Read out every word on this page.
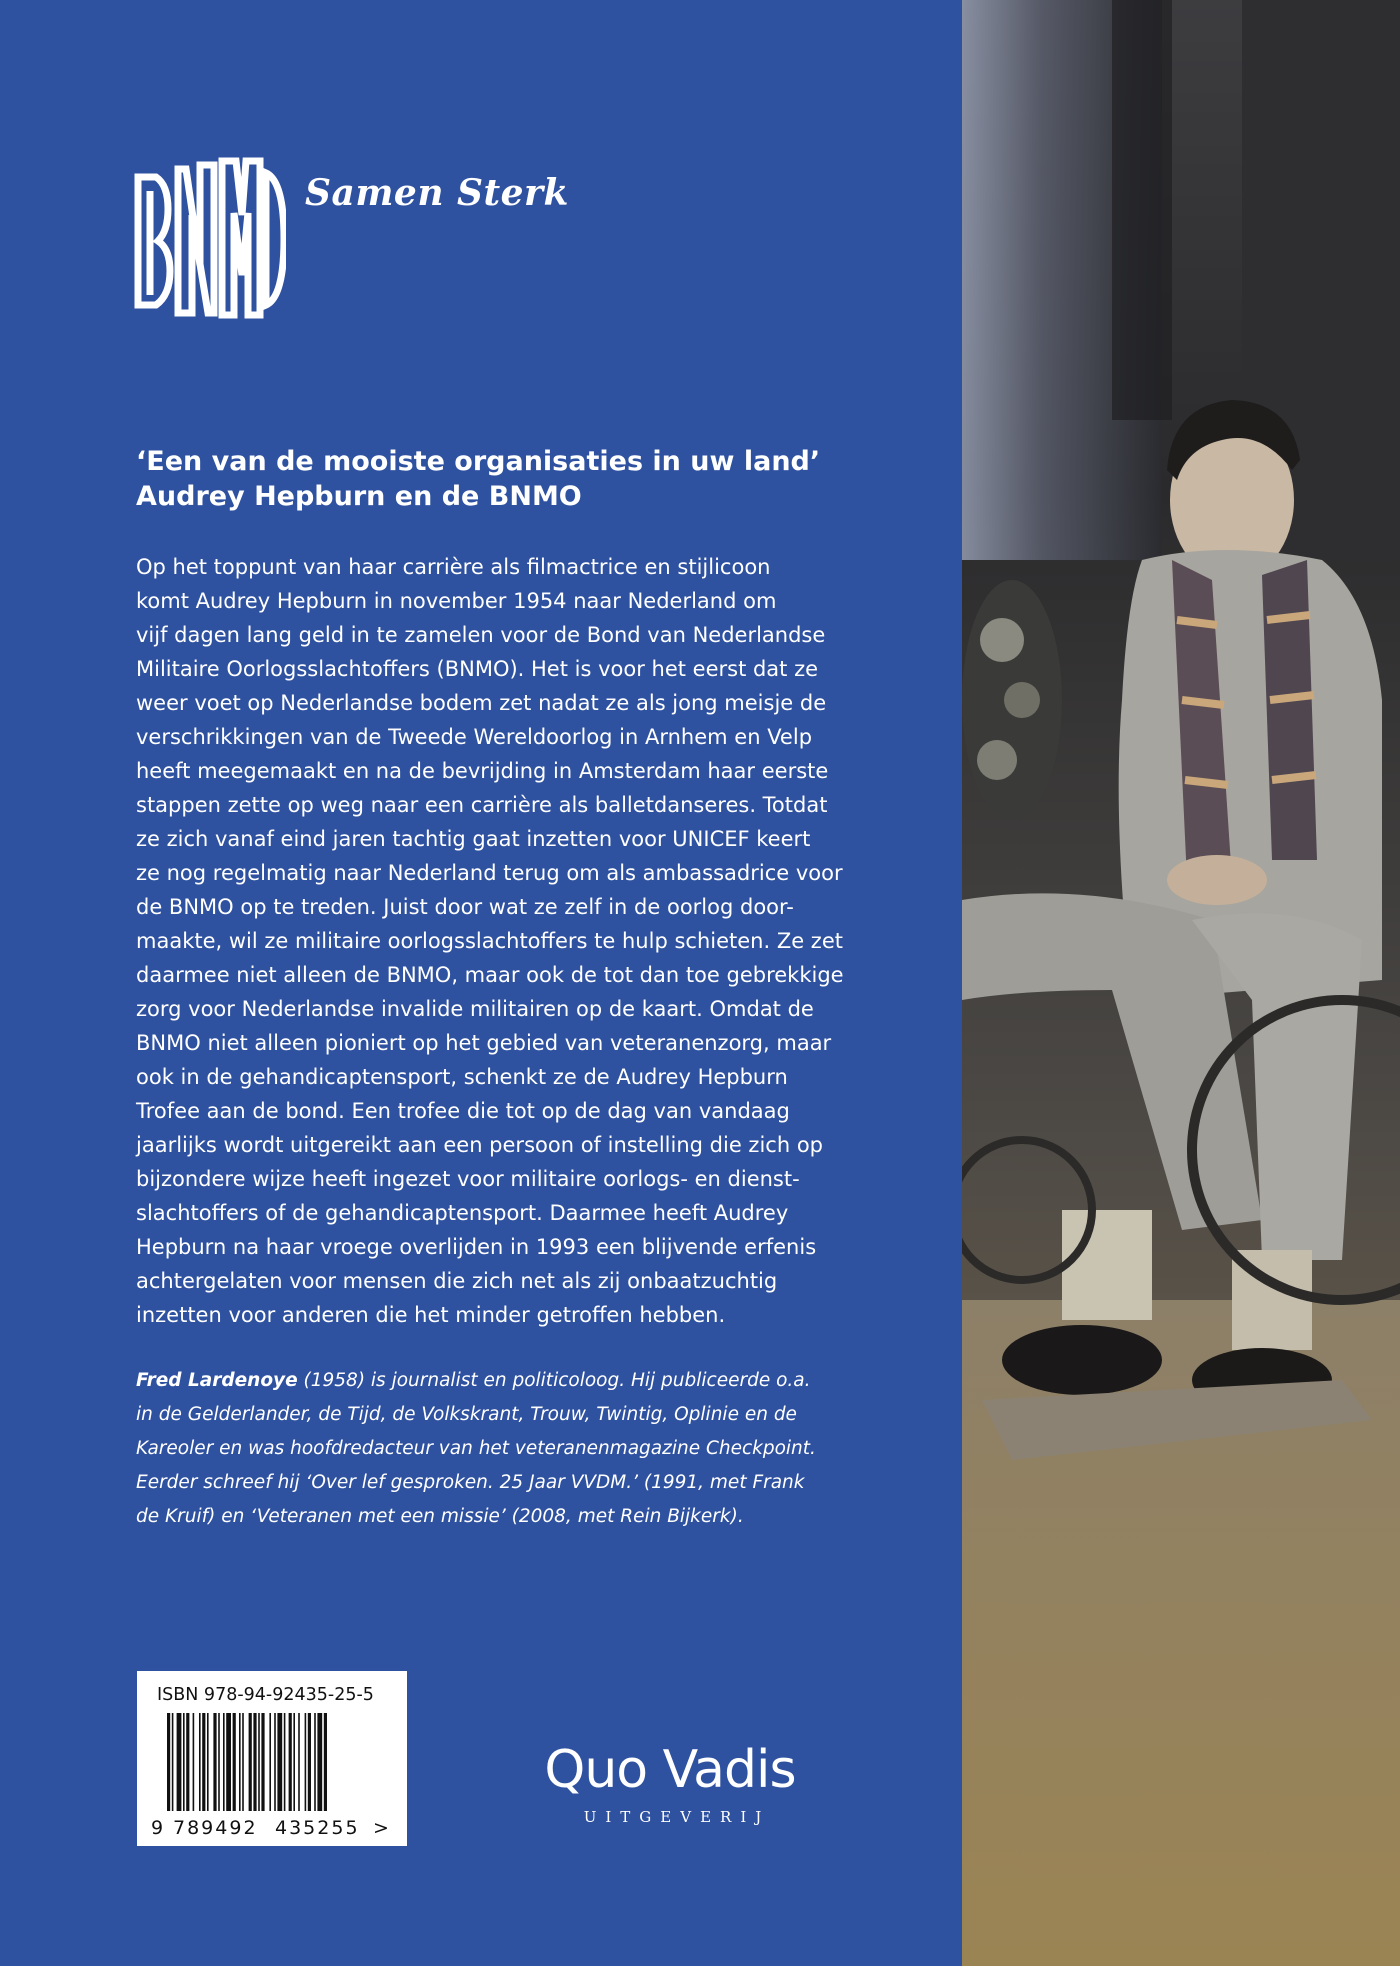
Samen Sterk
‘Een van de mooiste organisaties in uw land’
Audrey Hepburn en de BNMO
Op het toppunt van haar carrière als filmactrice en stijlicoon
komt Audrey Hepburn in november 1954 naar Nederland om
vijf dagen lang geld in te zamelen voor de Bond van Nederlandse
Militaire Oorlogsslachtoffers (BNMO). Het is voor het eerst dat ze
weer voet op Nederlandse bodem zet nadat ze als jong meisje de
verschrikkingen van de Tweede Wereldoorlog in Arnhem en Velp
heeft meegemaakt en na de bevrijding in Amsterdam haar eerste
stappen zette op weg naar een carrière als balletdanseres. Totdat
ze zich vanaf eind jaren tachtig gaat inzetten voor UNICEF keert
ze nog regelmatig naar Nederland terug om als ambassadrice voor
de BNMO op te treden. Juist door wat ze zelf in de oorlog door-
maakte, wil ze militaire oorlogsslachtoffers te hulp schieten. Ze zet
daarmee niet alleen de BNMO, maar ook de tot dan toe gebrekkige
zorg voor Nederlandse invalide militairen op de kaart. Omdat de
BNMO niet alleen pioniert op het gebied van veteranenzorg, maar
ook in de gehandicaptensport, schenkt ze de Audrey Hepburn
Trofee aan de bond. Een trofee die tot op de dag van vandaag
jaarlijks wordt uitgereikt aan een persoon of instelling die zich op
bijzondere wijze heeft ingezet voor militaire oorlogs- en dienst-
slachtoffers of de gehandicaptensport. Daarmee heeft Audrey
Hepburn na haar vroege overlijden in 1993 een blijvende erfenis
achtergelaten voor mensen die zich net als zij onbaatzuchtig
inzetten voor anderen die het minder getroffen hebben.
Fred Lardenoye (1958) is journalist en politicoloog. Hij publiceerde o.a.
in de Gelderlander, de Tijd, de Volkskrant, Trouw, Twintig, Oplinie en de
Kareoler en was hoofdredacteur van het veteranenmagazine Checkpoint.
Eerder schreef hij ‘Over lef gesproken. 25 Jaar VVDM.’ (1991, met Frank
de Kruif) en ‘Veteranen met een missie’ (2008, met Rein Bijkerk).
ISBN 978-94-92435-25-5
9 789492 435255 >
Quo Vadis
UITGEVERIJ
